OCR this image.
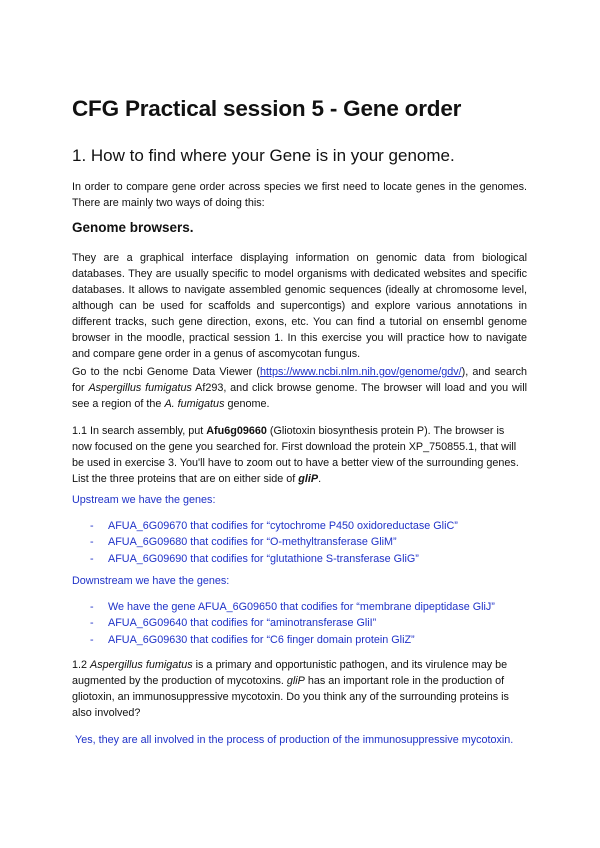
CFG Practical session 5 - Gene order
1. How to find where your Gene is in your genome.

In order to compare gene order across species we first need to locate genes in the genomes. There are mainly two ways of doing this:

Genome browsers.

They are a graphical interface displaying information on genomic data from biological databases. They are usually specific to model organisms with dedicated websites and specific databases. It allows to navigate assembled genomic sequences (ideally at chromosome level, although can be used for scaffolds and supercontigs) and explore various annotations in different tracks, such gene direction, exons, etc. You can find a tutorial on ensembl genome browser in the moodle, practical session 1. In this exercise you will practice how to navigate and compare gene order in a genus of ascomycotan fungus.

Go to the ncbi Genome Data Viewer (https://www.ncbi.nlm.nih.gov/genome/gdv/), and search for Aspergillus fumigatus Af293, and click browse genome. The browser will load and you will see a region of the A. fumigatus genome.

1.1 In search assembly, put Afu6g09660 (Gliotoxin biosynthesis protein P). The browser is now focused on the gene you searched for. First download the protein XP_750855.1, that will be used in exercise 3. You'll have to zoom out to have a better view of the surrounding genes. List the three proteins that are on either side of gliP.

Upstream we have the genes:

- AFUA_6G09670 that codifies for “cytochrome P450 oxidoreductase GliC”
- AFUA_6G09680 that codifies for “O-methyltransferase GliM”
- AFUA_6G09690 that codifies for “glutathione S-transferase GliG”

Downstream we have the genes:

- We have the gene AFUA_6G09650 that codifies for “membrane dipeptidase GliJ”
- AFUA_6G09640 that codifies for “aminotransferase GliI”
- AFUA_6G09630 that codifies for “C6 finger domain protein GliZ”

1.2 Aspergillus fumigatus is a primary and opportunistic pathogen, and its virulence may be augmented by the production of mycotoxins. gliP has an important role in the production of gliotoxin, an immunosuppressive mycotoxin. Do you think any of the surrounding proteins is also involved?

Yes, they are all involved in the process of production of the immunosuppressive mycotoxin.
